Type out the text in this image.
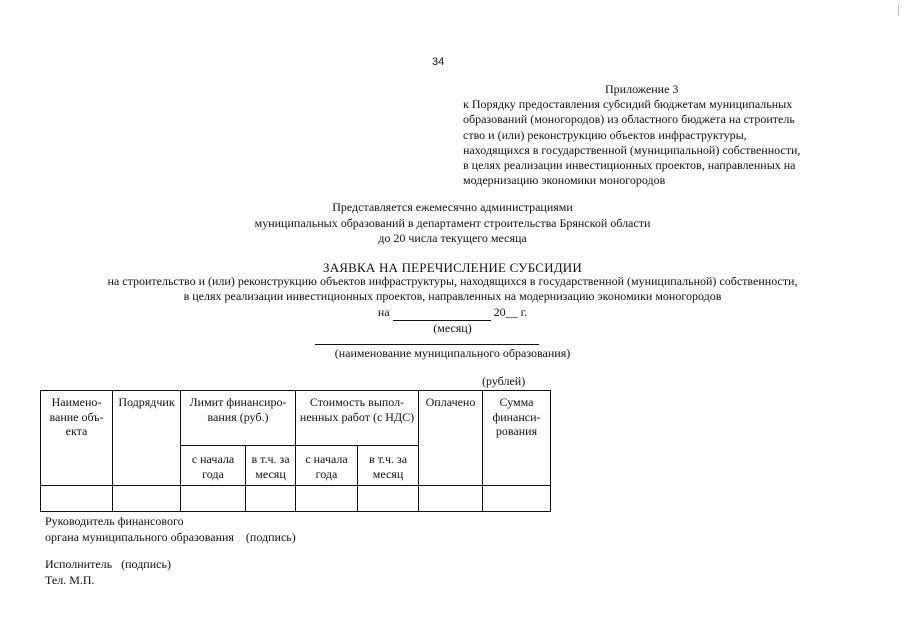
34
Приложение 3
к Порядку предоставления субсидий бюджетам муниципальных
образований (моногородов) из областного бюджета на строитель
ство и (или) реконструкцию объектов инфраструктуры,
находящихся в государственной (муниципальной) собственности,
в целях реализации инвестиционных проектов, направленных на
модернизацию экономики моногородов
Представляется ежемесячно администрациями
муниципальных образований в департамент строительства Брянской области
до 20 числа текущего месяца
ЗАЯВКА НА ПЕРЕЧИСЛЕНИЕ СУБСИДИИ
на строительство и (или) реконструкцию объектов инфраструктуры, находящихся в государственной (муниципальной) собственности,
в целях реализации инвестиционных проектов, направленных на модернизацию экономики моногородов
на	20__ г.
(месяц)
(наименование муниципального образования)
(рублей)
Наимено-вание объ-екта	Подрядчик	Лимит финансиро-вания (руб.)		Стоимость выпол-ненных работ (с НДС)		Оплачено	Сумма финанси-рования
		с начала года	в т.ч. за месяц	с начала года	в т.ч. за месяц		

Руководитель финансового
органа муниципального образования    (подпись)
Исполнитель   (подпись)
Тел. М.П.
